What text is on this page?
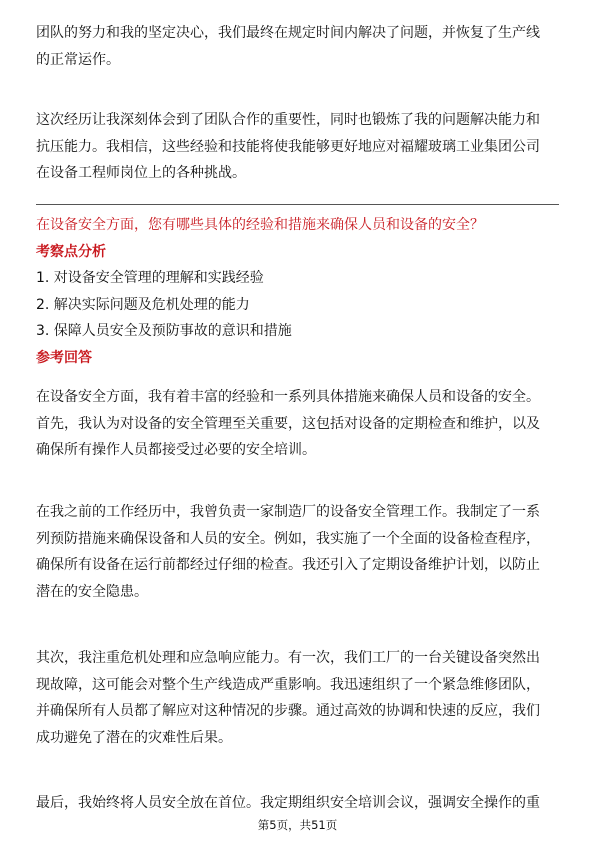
团队的努力和我的坚定决心，我们最终在规定时间内解决了问题，并恢复了生产线

的正常运作。

这次经历让我深刻体会到了团队合作的重要性，同时也锻炼了我的问题解决能力和

抗压能力。我相信，这些经验和技能将使我能够更好地应对福耀玻璃工业集团公司

在设备工程师岗位上的各种挑战。

在设备安全方面，您有哪些具体的经验和措施来确保人员和设备的安全？

考察点分析

1. 对设备安全管理的理解和实践经验

2. 解决实际问题及危机处理的能力

3. 保障人员安全及预防事故的意识和措施

参考回答

在设备安全方面，我有着丰富的经验和一系列具体措施来确保人员和设备的安全。

首先，我认为对设备的安全管理至关重要，这包括对设备的定期检查和维护，以及

确保所有操作人员都接受过必要的安全培训。

在我之前的工作经历中，我曾负责一家制造厂的设备安全管理工作。我制定了一系

列预防措施来确保设备和人员的安全。例如，我实施了一个全面的设备检查程序，

确保所有设备在运行前都经过仔细的检查。我还引入了定期设备维护计划，以防止

潜在的安全隐患。

其次，我注重危机处理和应急响应能力。有一次，我们工厂的一台关键设备突然出

现故障，这可能会对整个生产线造成严重影响。我迅速组织了一个紧急维修团队，

并确保所有人员都了解应对这种情况的步骤。通过高效的协调和快速的反应，我们

成功避免了潜在的灾难性后果。

最后，我始终将人员安全放在首位。我定期组织安全培训会议，强调安全操作的重

第5页，共51页
